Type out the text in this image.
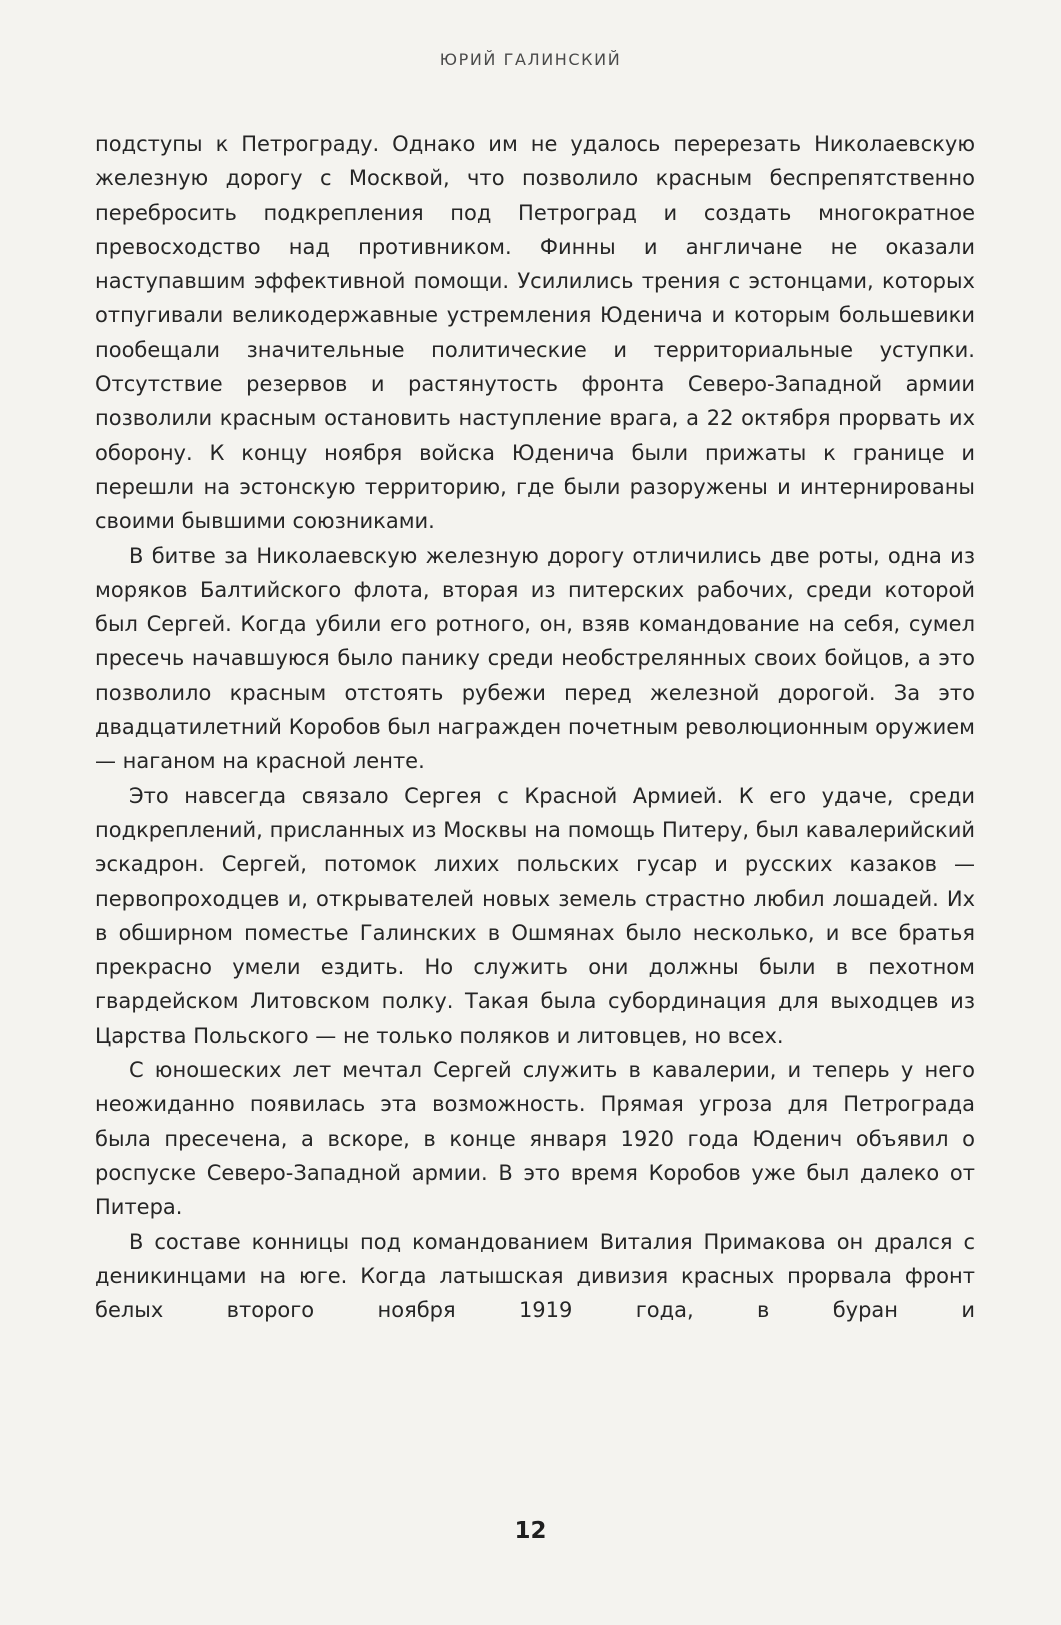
ЮРИЙ ГАЛИНСКИЙ

подступы к Петрограду. Однако им не удалось перерезать Николаевскую железную дорогу с Москвой, что позволило красным беспрепятственно перебросить подкрепления под Петроград и создать многократное превосходство над противником. Финны и англичане не оказали наступавшим эффективной помощи. Усилились трения с эстонцами, которых отпугивали великодержавные устремления Юденича и которым большевики пообещали значительные политические и территориальные уступки. Отсутствие резервов и растянутость фронта Северо-Западной армии позволили красным остановить наступление врага, а 22 октября прорвать их оборону. К концу ноября войска Юденича были прижаты к границе и перешли на эстонскую территорию, где были разоружены и интернированы своими бывшими союзниками.

В битве за Николаевскую железную дорогу отличились две роты, одна из моряков Балтийского флота, вторая из питерских рабочих, среди которой был Сергей. Когда убили его ротного, он, взяв командование на себя, сумел пресечь начавшуюся было панику среди необстрелянных своих бойцов, а это позволило красным отстоять рубежи перед железной дорогой. За это двадцатилетний Коробов был награжден почетным революционным оружием — наганом на красной ленте.

Это навсегда связало Сергея с Красной Армией. К его удаче, среди подкреплений, присланных из Москвы на помощь Питеру, был кавалерийский эскадрон. Сергей, потомок лихих польских гусар и русских казаков — первопроходцев и, открывателей новых земель страстно любил лошадей. Их в обширном поместье Галинских в Ошмянах было несколько, и все братья прекрасно умели ездить. Но служить они должны были в пехотном гвардейском Литовском полку. Такая была субординация для выходцев из Царства Польского — не только поляков и литовцев, но всех.

С юношеских лет мечтал Сергей служить в кавалерии, и теперь у него неожиданно появилась эта возможность. Прямая угроза для Петрограда была пресечена, а вскоре, в конце января 1920 года Юденич объявил о роспуске Северо-Западной армии. В это время Коробов уже был далеко от Питера.

В составе конницы под командованием Виталия Примакова он дрался с деникинцами на юге. Когда латышская дивизия красных прорвала фронт белых второго ноября 1919 года, в буран и

12
